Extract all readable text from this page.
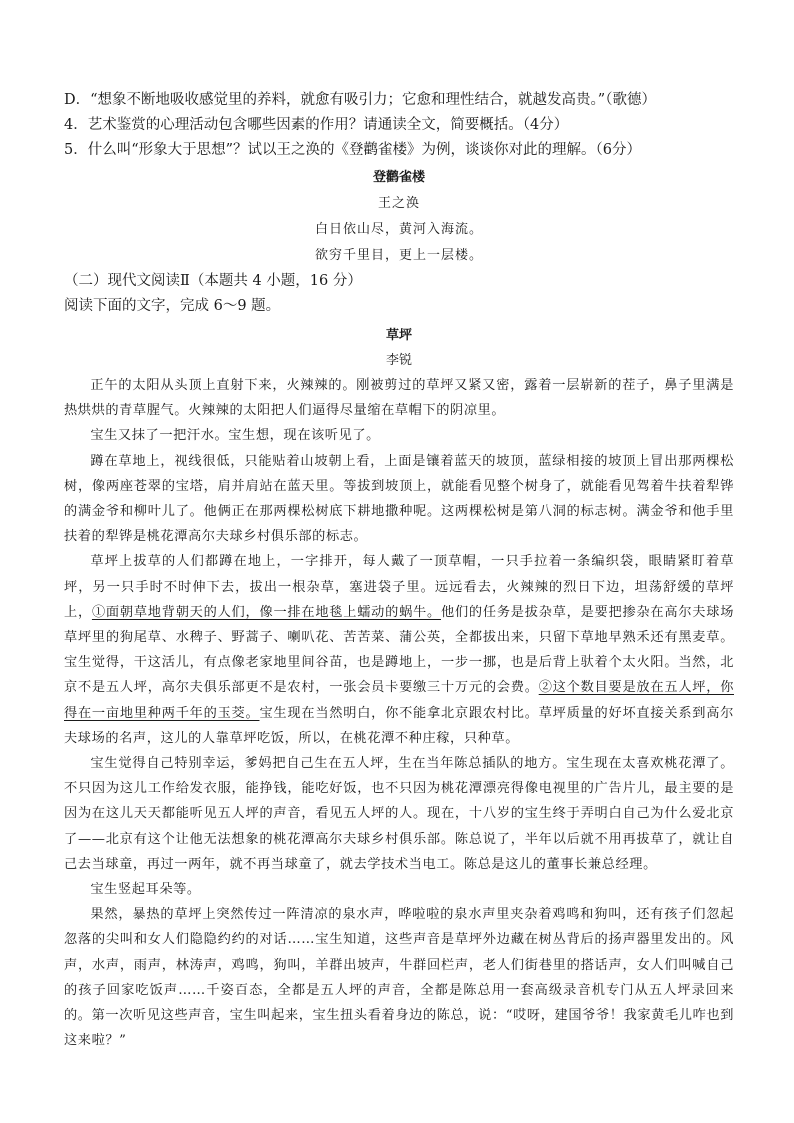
D．“想象不断地吸收感觉里的养料，就愈有吸引力；它愈和理性结合，就越发高贵。”（歌德）

4．艺术鉴赏的心理活动包含哪些因素的作用？请通读全文，简要概括。（4分）

5．什么叫“形象大于思想”？试以王之涣的《登鹳雀楼》为例，谈谈你对此的理解。（6分）

登鹳雀楼
王之涣
白日依山尽，黄河入海流。
欲穷千里目，更上一层楼。

（二）现代文阅读Ⅱ（本题共 4 小题，16 分）

阅读下面的文字，完成 6～9 题。

草坪
李锐

正午的太阳从头顶上直射下来，火辣辣的。刚被剪过的草坪又紧又密，露着一层崭新的茬子，鼻子里满是热烘烘的青草腥气。火辣辣的太阳把人们逼得尽量缩在草帽下的阴凉里。

宝生又抹了一把汗水。宝生想，现在该听见了。

蹲在草地上，视线很低，只能贴着山坡朝上看，上面是镶着蓝天的坡顶，蓝绿相接的坡顶上冒出那两棵松树，像两座苍翠的宝塔，肩并肩站在蓝天里。等拔到坡顶上，就能看见整个树身了，就能看见驾着牛扶着犁铧的满金爷和柳叶儿了。他俩正在那两棵松树底下耕地撒种呢。这两棵松树是第八洞的标志树。满金爷和他手里扶着的犁铧是桃花潭高尔夫球乡村俱乐部的标志。

草坪上拔草的人们都蹲在地上，一字排开，每人戴了一顶草帽，一只手拉着一条编织袋，眼睛紧盯着草坪，另一只手时不时伸下去，拔出一根杂草，塞进袋子里。远远看去，火辣辣的烈日下边，坦荡舒缓的草坪上，①面朝草地背朝天的人们，像一排在地毯上蠕动的蜗牛。他们的任务是拔杂草，是要把掺杂在高尔夫球场草坪里的狗尾草、水稗子、野蒿子、喇叭花、苦苦菜、蒲公英，全都拔出来，只留下草地早熟禾还有黑麦草。宝生觉得，干这活儿，有点像老家地里间谷苗，也是蹲地上，一步一挪，也是后背上驮着个太火阳。当然，北京不是五人坪，高尔夫俱乐部更不是农村，一张会员卡要缴三十万元的会费。②这个数目要是放在五人坪，你得在一亩地里种两千年的玉茭。宝生现在当然明白，你不能拿北京跟农村比。草坪质量的好坏直接关系到高尔夫球场的名声，这儿的人靠草坪吃饭，所以，在桃花潭不种庄稼，只种草。

宝生觉得自己特别幸运，爹妈把自己生在五人坪，生在当年陈总插队的地方。宝生现在太喜欢桃花潭了。不只因为这儿工作给发衣服，能挣钱，能吃好饭，也不只因为桃花潭漂亮得像电视里的广告片儿，最主要的是因为在这儿天天都能听见五人坪的声音，看见五人坪的人。现在，十八岁的宝生终于弄明白自己为什么爱北京了——北京有这个让他无法想象的桃花潭高尔夫球乡村俱乐部。陈总说了，半年以后就不用再拔草了，就让自己去当球童，再过一两年，就不再当球童了，就去学技术当电工。陈总是这儿的董事长兼总经理。

宝生竖起耳朵等。

果然，暴热的草坪上突然传过一阵清凉的泉水声，哗啦啦的泉水声里夹杂着鸡鸣和狗叫，还有孩子们忽起忽落的尖叫和女人们隐隐约约的对话……宝生知道，这些声音是草坪外边藏在树丛背后的扬声器里发出的。风声，水声，雨声，林涛声，鸡鸣，狗叫，羊群出坡声，牛群回栏声，老人们街巷里的搭话声，女人们叫喊自己的孩子回家吃饭声……千姿百态，全都是五人坪的声音，全都是陈总用一套高级录音机专门从五人坪录回来的。第一次听见这些声音，宝生叫起来，宝生扭头看着身边的陈总，说：“哎呀，建国爷爷！我家黄毛儿咋也到这来啦？”
